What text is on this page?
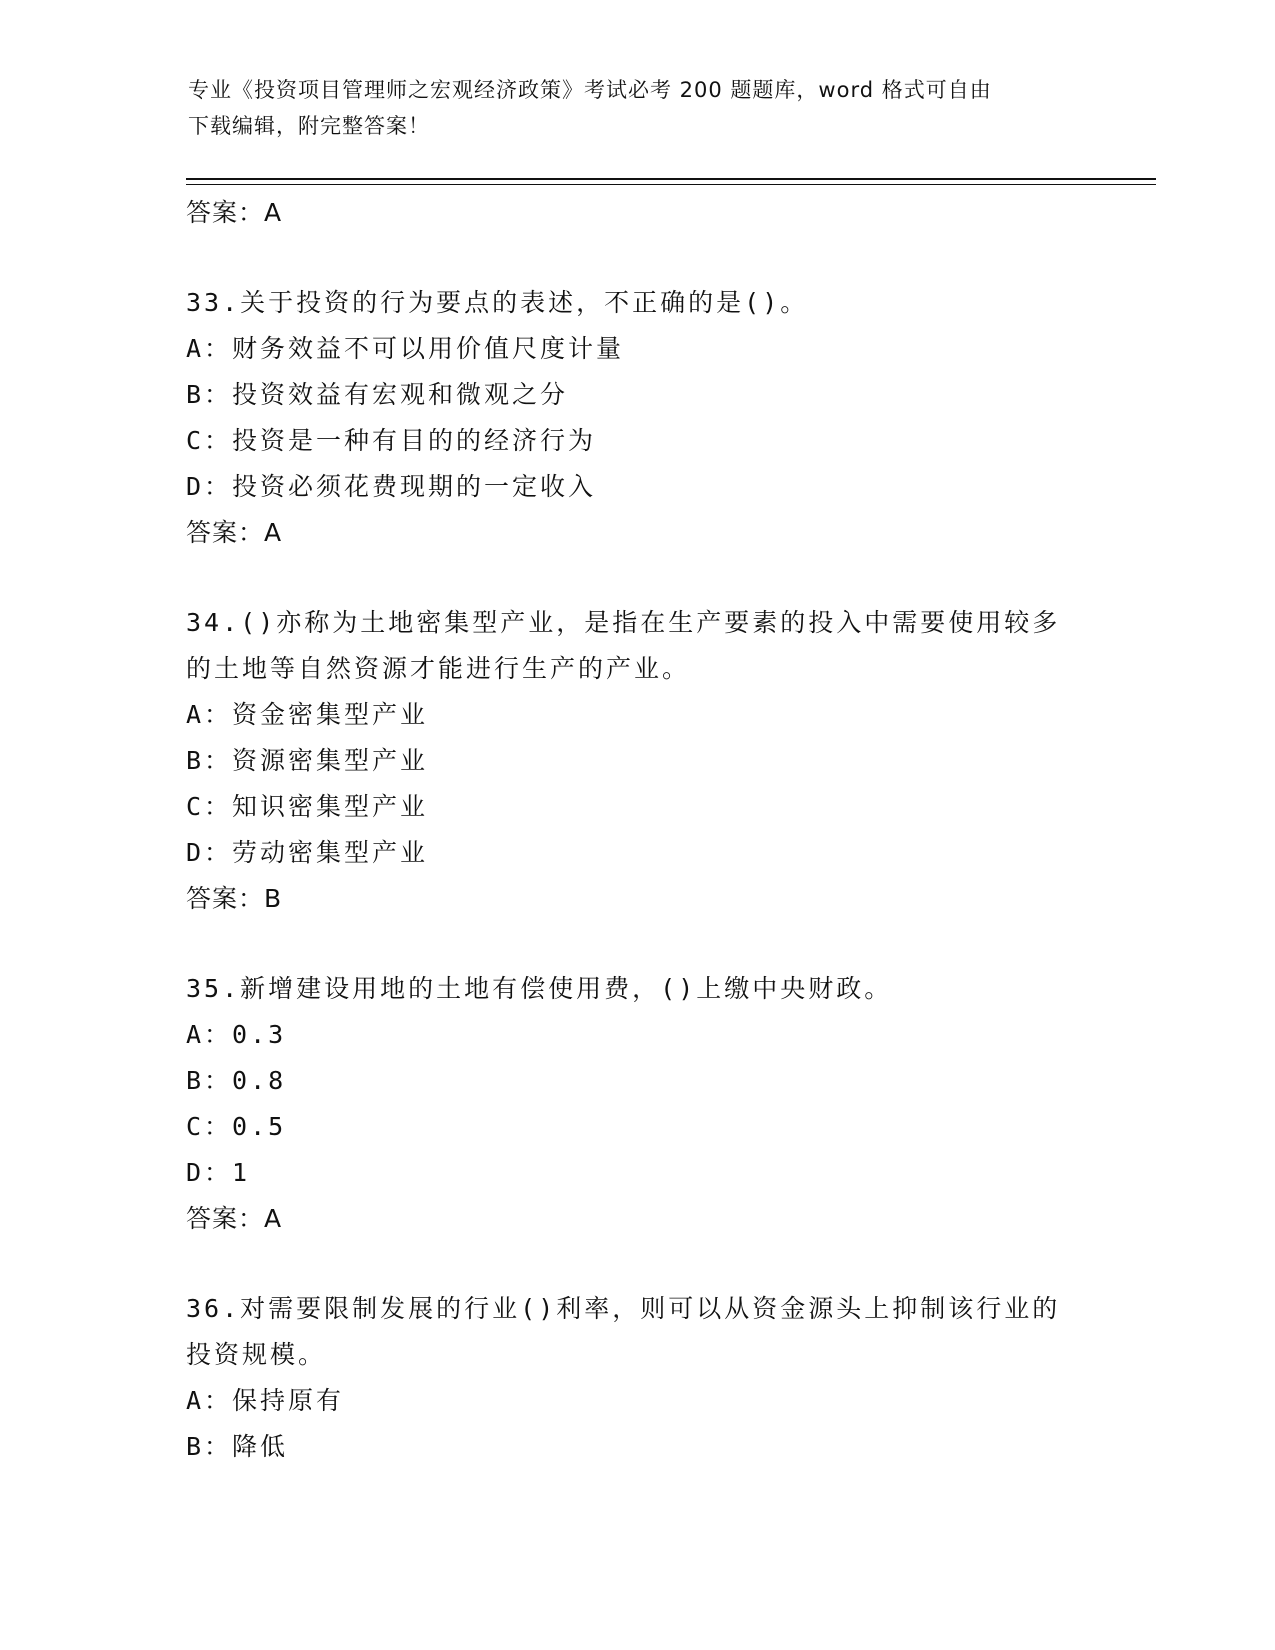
专业《投资项目管理师之宏观经济政策》考试必考 200 题题库，word 格式可自由
下载编辑，附完整答案！
答案：A
33.关于投资的行为要点的表述，不正确的是()。
A：财务效益不可以用价值尺度计量
B：投资效益有宏观和微观之分
C：投资是一种有目的的经济行为
D：投资必须花费现期的一定收入
答案：A
34.()亦称为土地密集型产业，是指在生产要素的投入中需要使用较多
的土地等自然资源才能进行生产的产业。
A：资金密集型产业
B：资源密集型产业
C：知识密集型产业
D：劳动密集型产业
答案：B
35.新增建设用地的土地有偿使用费，()上缴中央财政。
A：0.3
B：0.8
C：0.5
D：1
答案：A
36.对需要限制发展的行业()利率，则可以从资金源头上抑制该行业的
投资规模。
A：保持原有
B：降低
